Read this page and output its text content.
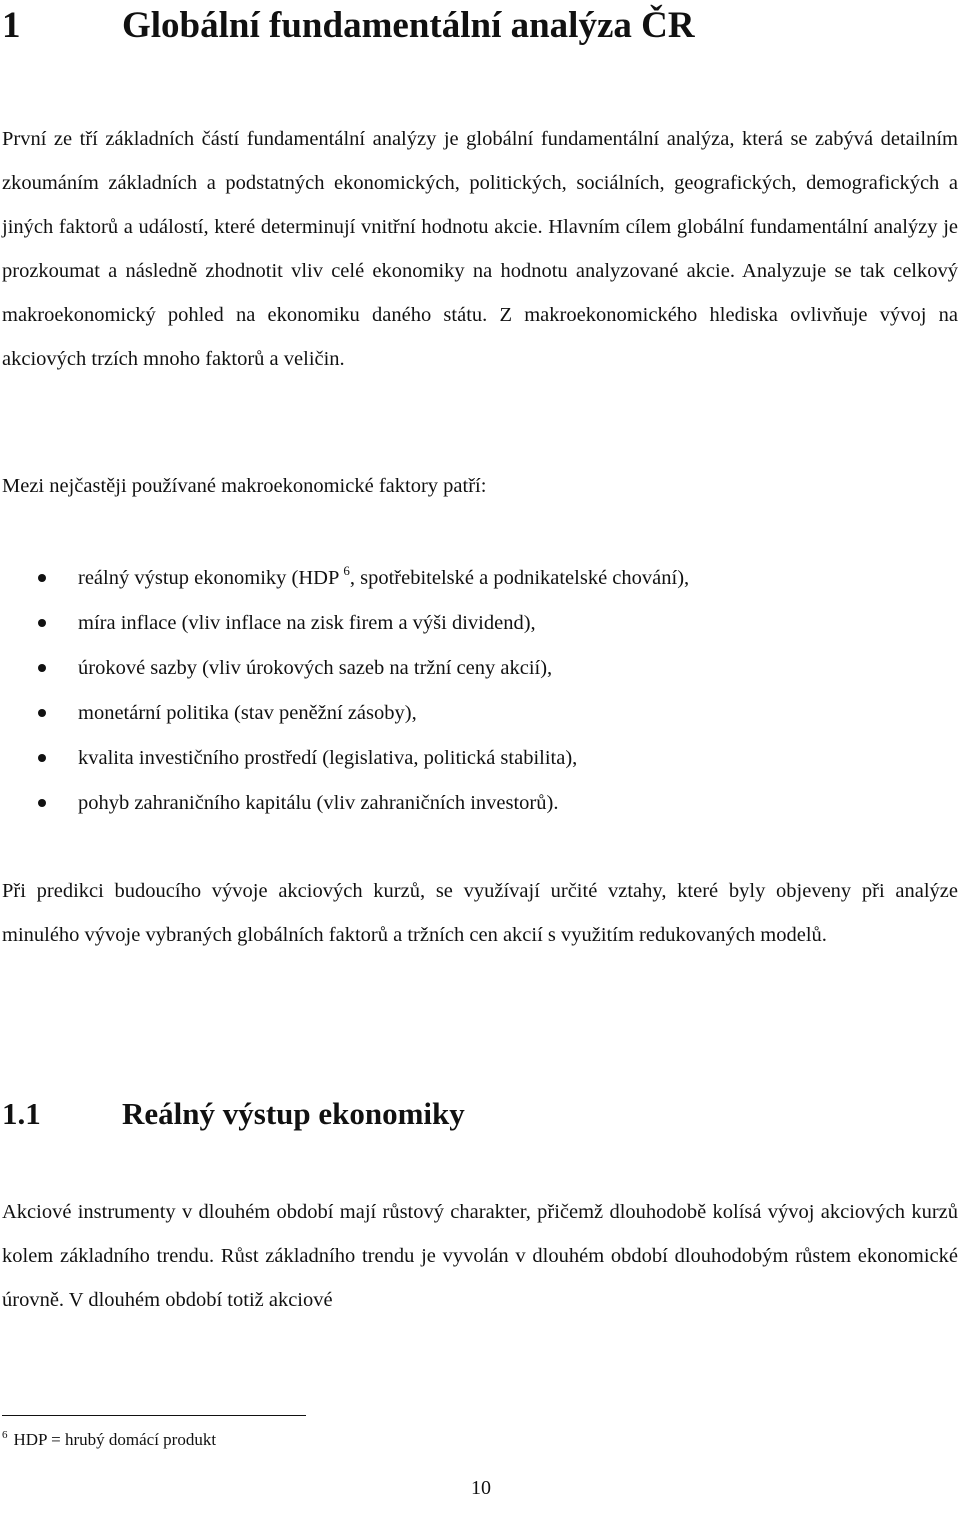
1	Globální fundamentální analýza ČR

První ze tří základních částí fundamentální analýzy je globální fundamentální analýza, která se zabývá detailním zkoumáním základních a podstatných ekonomických, politických, sociálních, geografických, demografických a jiných faktorů a událostí, které determinují vnitřní hodnotu akcie. Hlavním cílem globální fundamentální analýzy je prozkoumat a následně zhodnotit vliv celé ekonomiky na hodnotu analyzované akcie. Analyzuje se tak celkový makroekonomický pohled na ekonomiku daného státu. Z makroekonomického hlediska ovlivňuje vývoj na akciových trzích mnoho faktorů a veličin.

Mezi nejčastěji používané makroekonomické faktory patří:

reálný výstup ekonomiky (HDP $^6$, spotřebitelské a podnikatelské chování),
míra inflace (vliv inflace na zisk firem a výši dividend),
úrokové sazby (vliv úrokových sazeb na tržní ceny akcií),
monetární politika (stav peněžní zásoby),
kvalita investičního prostředí (legislativa, politická stabilita),
pohyb zahraničního kapitálu (vliv zahraničních investorů).

Při predikci budoucího vývoje akciových kurzů, se využívají určité vztahy, které byly objeveny při analýze minulého vývoje vybraných globálních faktorů a tržních cen akcií s využitím redukovaných modelů.

1.1	Reálný výstup ekonomiky

Akciové instrumenty v dlouhém období mají růstový charakter, přičemž dlouhodobě kolísá vývoj akciových kurzů kolem základního trendu. Růst základního trendu je vyvolán v dlouhém období dlouhodobým růstem ekonomické úrovně. V dlouhém období totiž akciové

$^6$ HDP = hrubý domácí produkt
10
